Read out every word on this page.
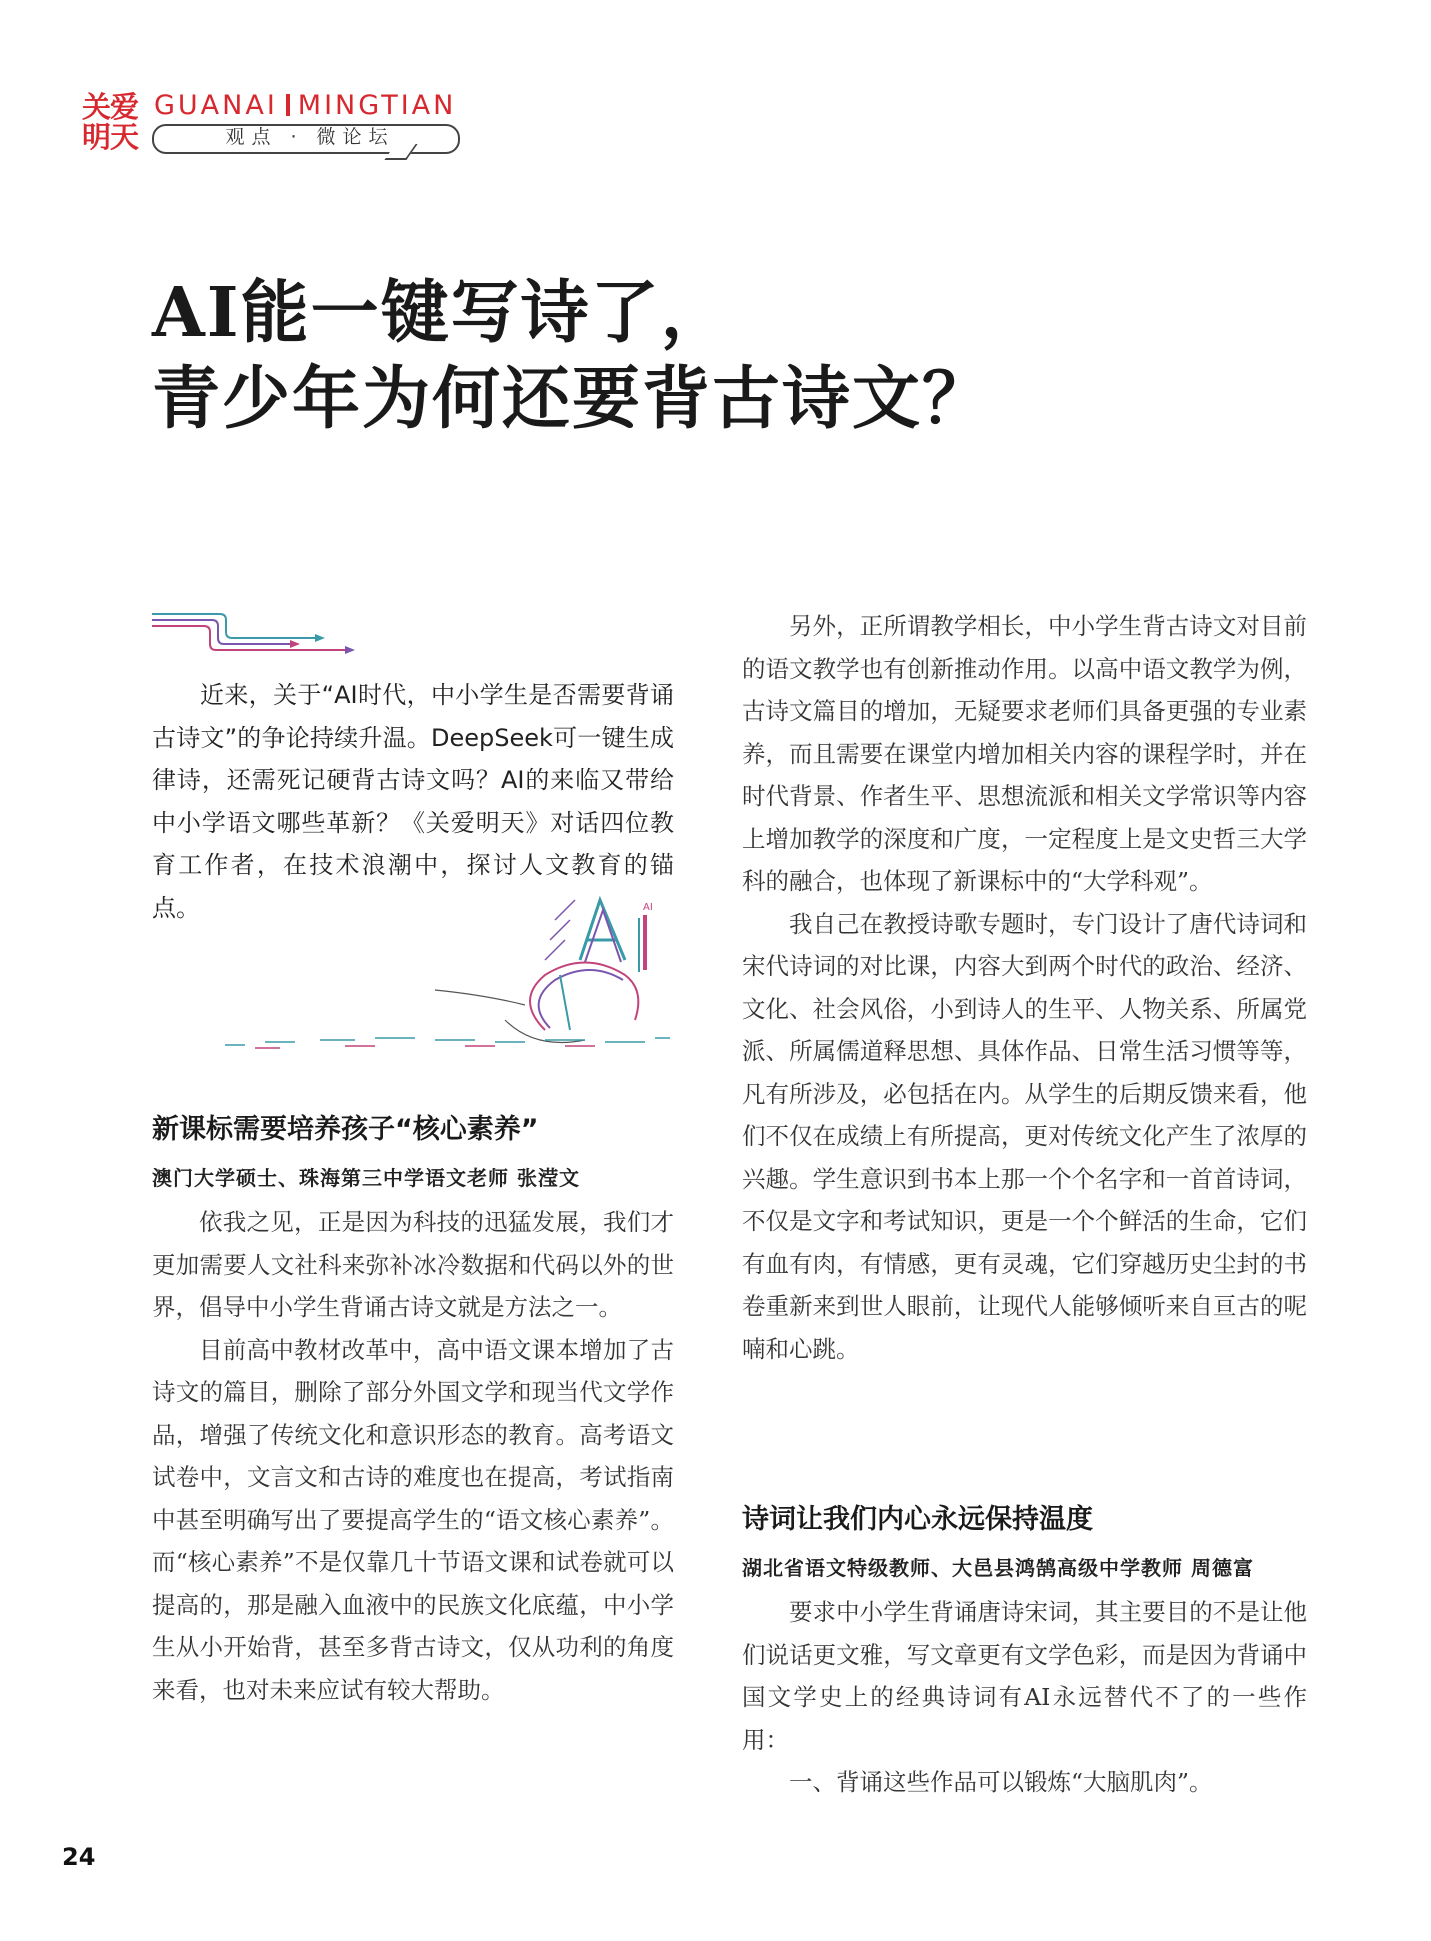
关爱
明天
GUANAI MINGTIAN
观点 · 微论坛
AI能一键写诗了，
青少年为何还要背古诗文？
近来，关于“AI时代，中小学生是否需要背诵古诗文”的争论持续升温。DeepSeek可一键生成律诗，还需死记硬背古诗文吗？AI的来临又带给中小学语文哪些革新？《关爱明天》对话四位教育工作者，在技术浪潮中，探讨人文教育的锚点。	AI
新课标需要培养孩子“核心素养”
澳门大学硕士、珠海第三中学语文老师 张滢文

依我之见，正是因为科技的迅猛发展，我们才更加需要人文社科来弥补冰冷数据和代码以外的世界，倡导中小学生背诵古诗文就是方法之一。

目前高中教材改革中，高中语文课本增加了古诗文的篇目，删除了部分外国文学和现当代文学作品，增强了传统文化和意识形态的教育。高考语文试卷中，文言文和古诗的难度也在提高，考试指南中甚至明确写出了要提高学生的“语文核心素养”。而“核心素养”不是仅靠几十节语文课和试卷就可以提高的，那是融入血液中的民族文化底蕴，中小学生从小开始背，甚至多背古诗文，仅从功利的角度来看，也对未来应试有较大帮助。

另外，正所谓教学相长，中小学生背古诗文对目前的语文教学也有创新推动作用。以高中语文教学为例，古诗文篇目的增加，无疑要求老师们具备更强的专业素养，而且需要在课堂内增加相关内容的课程学时，并在时代背景、作者生平、思想流派和相关文学常识等内容上增加教学的深度和广度，一定程度上是文史哲三大学科的融合，也体现了新课标中的“大学科观”。

我自己在教授诗歌专题时，专门设计了唐代诗词和宋代诗词的对比课，内容大到两个时代的政治、经济、文化、社会风俗，小到诗人的生平、人物关系、所属党派、所属儒道释思想、具体作品、日常生活习惯等等，凡有所涉及，必包括在内。从学生的后期反馈来看，他们不仅在成绩上有所提高，更对传统文化产生了浓厚的兴趣。学生意识到书本上那一个个名字和一首首诗词，不仅是文字和考试知识，更是一个个鲜活的生命，它们有血有肉，有情感，更有灵魂，它们穿越历史尘封的书卷重新来到世人眼前，让现代人能够倾听来自亘古的呢喃和心跳。

诗词让我们内心永远保持温度
湖北省语文特级教师、大邑县鸿鹄高级中学教师 周德富

要求中小学生背诵唐诗宋词，其主要目的不是让他们说话更文雅，写文章更有文学色彩，而是因为背诵中国文学史上的经典诗词有AI永远替代不了的一些作用：

一、背诵这些作品可以锻炼“大脑肌肉”。

24
